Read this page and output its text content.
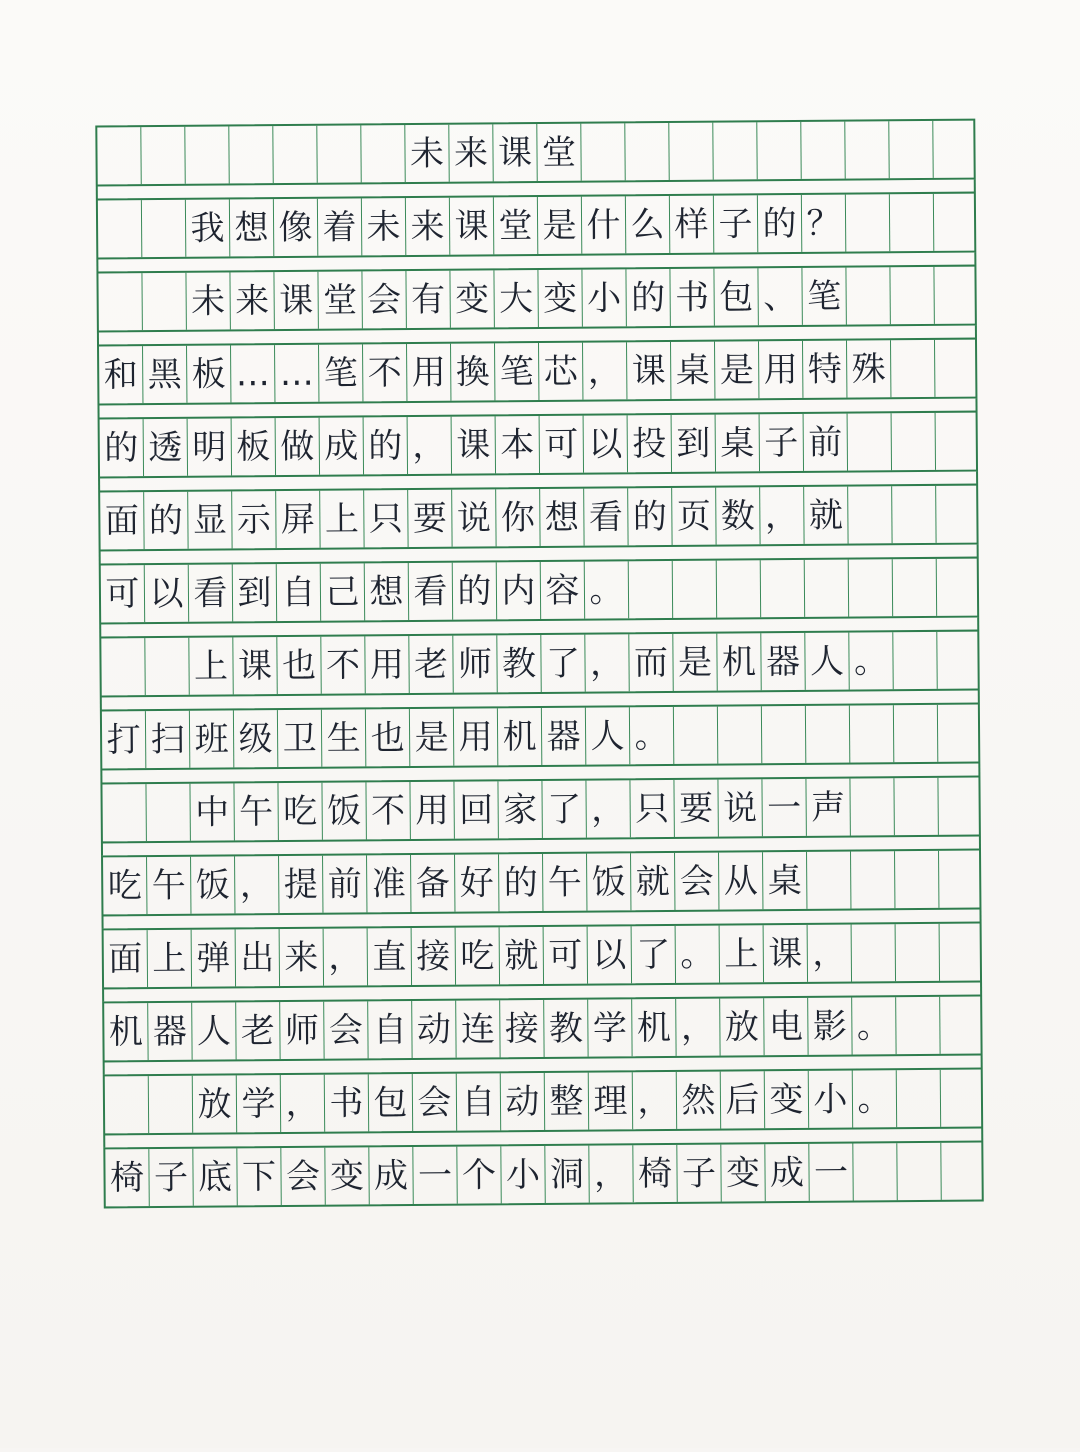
未 来 课 堂
我 想 像 着 未 来 课 堂 是 什 么 样 子 的 ？
未 来 课 堂 会 有 变 大 变 小 的 书 包 、 笔
和 黑 板 … … 笔 不 用 換 笔 芯 ， 课 桌 是 用 特 殊
的 透 明 板 做 成 的 ， 课 本 可 以 投 到 桌 子 前
面 的 显 示 屏 上 只 要 说 你 想 看 的 页 数 ， 就
可 以 看 到 自 己 想 看 的 内 容 。
上 课 也 不 用 老 师 教 了 ， 而 是 机 器 人 。
打 扫 班 级 卫 生 也 是 用 机 器 人 。
中 午 吃 饭 不 用 回 家 了 ， 只 要 说 一 声
吃 午 饭 ， 提 前 准 备 好 的 午 饭 就 会 从 桌
面 上 弹 出 来 ， 直 接 吃 就 可 以 了 。 上 课 ，
机 器 人 老 师 会 自 动 连 接 教 学 机 ， 放 电 影 。
放 学 ， 书 包 会 自 动 整 理 ， 然 后 变 小 。
椅 子 底 下 会 变 成 一 个 小 洞 ， 椅 子 变 成 一
